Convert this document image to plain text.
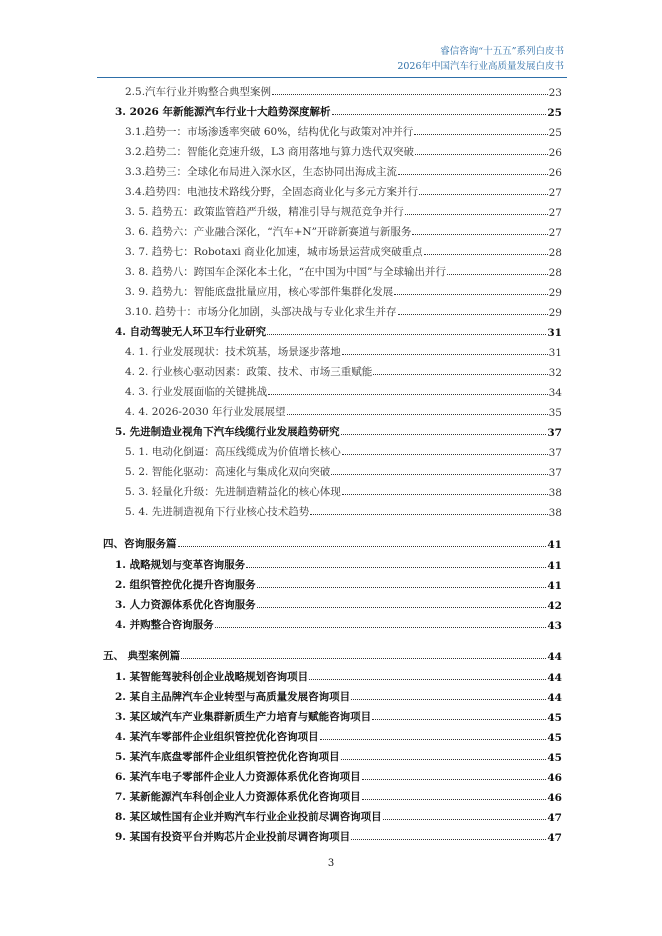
睿信咨询“十五五”系列白皮书
2026年中国汽车行业高质量发展白皮书
2.5.汽车行业并购整合典型案例	23
3. 2026 年新能源汽车行业十大趋势深度解析	25
3.1.趋势一：市场渗透率突破 60%，结构优化与政策对冲并行	25
3.2.趋势二：智能化竞速升级，L3 商用落地与算力迭代双突破	26
3.3.趋势三：全球化布局进入深水区，生态协同出海成主流	26
3.4.趋势四：电池技术路线分野，全固态商业化与多元方案并行	27
3. 5. 趋势五：政策监管趋严升级，精准引导与规范竞争并行	27
3. 6. 趋势六：产业融合深化，“汽车+N”开辟新赛道与新服务	27
3. 7. 趋势七：Robotaxi 商业化加速，城市场景运营成突破重点	28
3. 8. 趋势八：跨国车企深化本土化，“在中国为中国”与全球输出并行	28
3. 9. 趋势九：智能底盘批量应用，核心零部件集群化发展	29
3.10. 趋势十：市场分化加剧，头部决战与专业化求生并存	29
4. 自动驾驶无人环卫车行业研究	31
4. 1. 行业发展现状：技术筑基，场景逐步落地	31
4. 2. 行业核心驱动因素：政策、技术、市场三重赋能	32
4. 3. 行业发展面临的关键挑战	34
4. 4. 2026-2030 年行业发展展望	35
5. 先进制造业视角下汽车线缆行业发展趋势研究	37
5. 1. 电动化倒逼：高压线缆成为价值增长核心	37
5. 2. 智能化驱动：高速化与集成化双向突破	37
5. 3. 轻量化升级：先进制造精益化的核心体现	38
5. 4. 先进制造视角下行业核心技术趋势	38
四、咨询服务篇	41
1. 战略规划与变革咨询服务	41
2. 组织管控优化提升咨询服务	41
3. 人力资源体系优化咨询服务	42
4. 并购整合咨询服务	43
五、 典型案例篇	44
1. 某智能驾驶科创企业战略规划咨询项目	44
2. 某自主品牌汽车企业转型与高质量发展咨询项目	44
3. 某区域汽车产业集群新质生产力培育与赋能咨询项目	45
4. 某汽车零部件企业组织管控优化咨询项目	45
5. 某汽车底盘零部件企业组织管控优化咨询项目	45
6. 某汽车电子零部件企业人力资源体系优化咨询项目	46
7. 某新能源汽车科创企业人力资源体系优化咨询项目	46
8. 某区域性国有企业并购汽车行业企业投前尽调咨询项目	47
9. 某国有投资平台并购芯片企业投前尽调咨询项目	47
3
